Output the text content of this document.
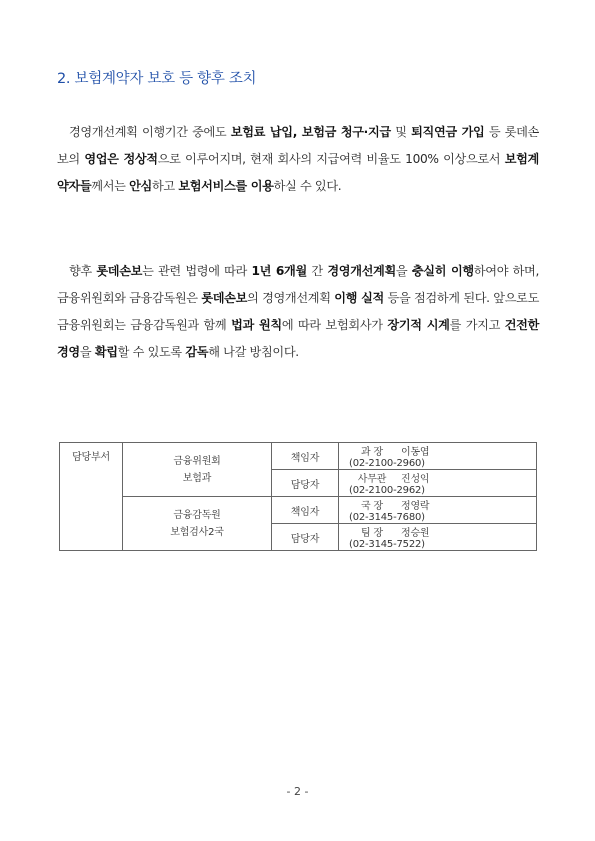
2. 보험계약자 보호 등 향후 조치
경영개선계획 이행기간 중에도 보험료 납입, 보험금 청구·지급 및 퇴직연금 가입 등 롯데손보의 영업은 정상적으로 이루어지며, 현재 회사의 지급여력 비율도 100% 이상으로서 보험계약자들께서는 안심하고 보험서비스를 이용하실 수 있다.
향후 롯데손보는 관련 법령에 따라 1년 6개월 간 경영개선계획을 충실히 이행하여야 하며, 금융위원회와 금융감독원은 롯데손보의 경영개선계획 이행 실적 등을 점검하게 된다. 앞으로도 금융위원회는 금융감독원과 함께 법과 원칙에 따라 보험회사가 장기적 시계를 가지고 건전한 경영을 확립할 수 있도록 감독해 나갈 방침이다.
담당부서	금융위원회
보험과	책임자	과 장 이동엽(02-2100-2960)
		담당자	사무관 진성익(02-2100-2962)

	금융감독원
보험검사2국	책임자	국 장 정영락(02-3145-7680)
		담당자	팀 장 정승원(02-3145-7522)
- 2 -
